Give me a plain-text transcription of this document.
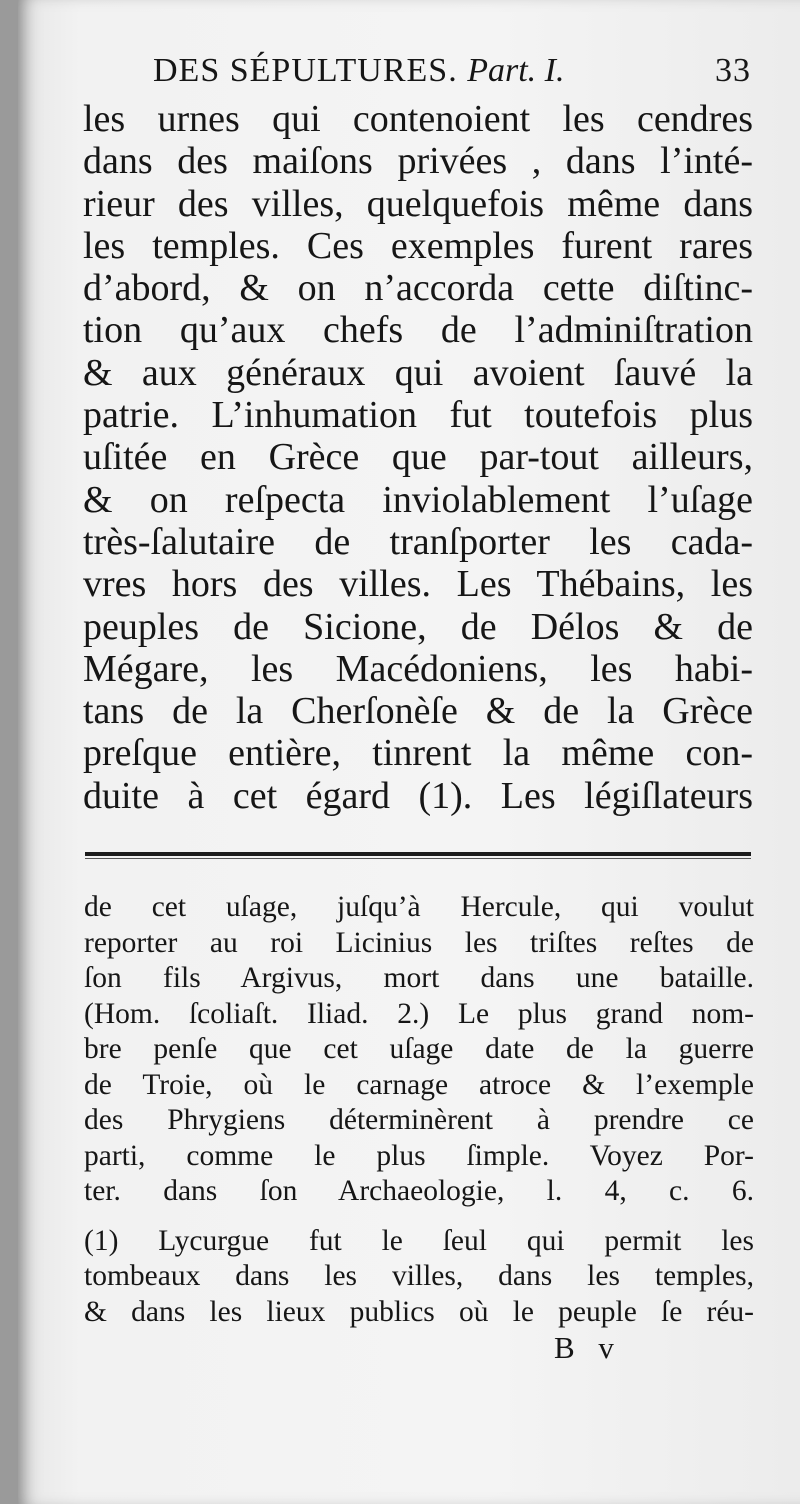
DES SÉPULTURES. Part. I.	33
les urnes qui contenoient les cendres
dans des maiſons privées , dans l’inté-
rieur des villes, quelquefois même dans
les temples. Ces exemples furent rares
d’abord, & on n’accorda cette diſtinc-
tion qu’aux chefs de l’adminiſtration
& aux généraux qui avoient ſauvé la
patrie. L’inhumation fut toutefois plus
uſitée en Grèce que par-tout ailleurs,
& on reſpecta inviolablement l’uſage
très-ſalutaire de tranſporter les cada-
vres hors des villes. Les Thébains, les
peuples de Sicione, de Délos & de
Mégare, les Macédoniens, les habi-
tans de la Cherſonèſe & de la Grèce
preſque entière, tinrent la même con-
duite à cet égard (1). Les légiſlateurs
de cet uſage, juſqu’à Hercule, qui voulut
reporter au roi Licinius les triſtes reſtes de
ſon fils Argivus, mort dans une bataille.
(Hom. ſcoliaſt. Iliad. 2.) Le plus grand nom-
bre penſe que cet uſage date de la guerre
de Troie, où le carnage atroce & l’exemple
des Phrygiens déterminèrent à prendre ce
parti, comme le plus ſimple. Voyez Por-
ter. dans ſon Archaeologie, l. 4, c. 6.
(1) Lycurgue fut le ſeul qui permit les
tombeaux dans les villes, dans les temples,
& dans les lieux publics où le peuple ſe réu-
B v
